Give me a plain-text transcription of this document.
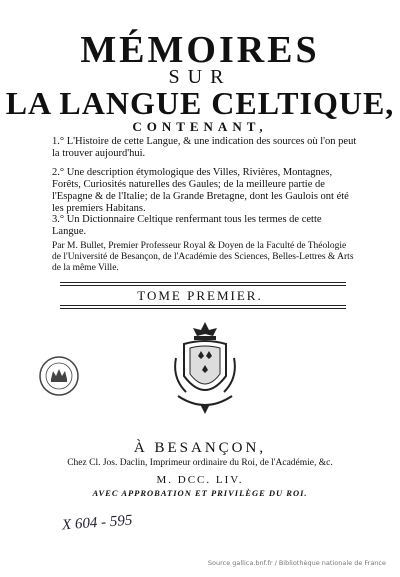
MÉMOIRES
SUR
LA LANGUE CELTIQUE,
CONTENANT,
1.° L'Histoire de cette Langue, & une indication des sources où l'on peut la trouver aujourd'hui.
2.° Une description étymologique des Villes, Rivières, Montagnes, Forêts, Curiosités naturelles des Gaules; de la meilleure partie de l'Espagne & de l'Italie; de la Grande Bretagne, dont les Gaulois ont été les premiers Habitans.
3.° Un Dictionnaire Celtique renfermant tous les termes de cette Langue.
Par M. Bullet, Premier Professeur Royal & Doyen de la Faculté de Théologie de l'Université de Besançon, de l'Académie des Sciences, Belles-Lettres & Arts de la même Ville.
TOME PREMIER.
À BESANÇON,
Chez Cl. Jos. Daclin, Imprimeur ordinaire du Roi, de l'Académie, &c.
M. DCC. LIV.
AVEC APPROBATION ET PRIVILÈGE DU ROI.
X 604 - 595
Source gallica.bnf.fr / Bibliothèque nationale de France
